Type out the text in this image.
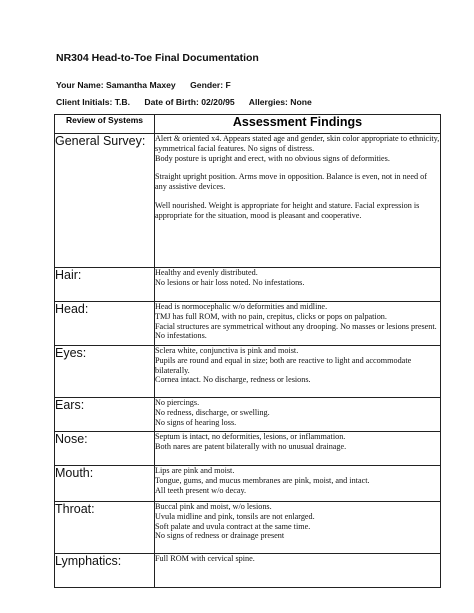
NR304 Head-to-Toe Final Documentation
Your Name: Samantha Maxey Gender: F
Client Initials: T.B. Date of Birth: 02/20/95 Allergies: None
Review of Systems	Assessment Findings
General Survey:	Alert & oriented x4. Appears stated age and gender, skin color appropriate to ethnicity, symmetrical facial features. No signs of distress.

Body posture is upright and erect, with no obvious signs of deformities.

Straight upright position. Arms move in opposition. Balance is even, not in need of any assistive devices.

Well nourished. Weight is appropriate for height and stature. Facial expression is appropriate for the situation, mood is pleasant and cooperative.

Hair:	Healthy and evenly distributed.

No lesions or hair loss noted. No infestations.

Head:	Head is normocephalic w/o deformities and midline.

TMJ has full ROM, with no pain, crepitus, clicks or pops on palpation.

Facial structures are symmetrical without any drooping. No masses or lesions present. No infestations.

Eyes:	Sclera white, conjunctiva is pink and moist.

Pupils are round and equal in size; both are reactive to light and accommodate bilaterally.

Cornea intact. No discharge, redness or lesions.

Ears:	No piercings.

No redness, discharge, or swelling.

No signs of hearing loss.

Nose:	Septum is intact, no deformities, lesions, or inflammation.

Both nares are patent bilaterally with no unusual drainage.

Mouth:	Lips are pink and moist.

Tongue, gums, and mucus membranes are pink, moist, and intact.

All teeth present w/o decay.

Throat:	Buccal pink and moist, w/o lesions.

Uvula midline and pink, tonsils are not enlarged.

Soft palate and uvula contract at the same time.

No signs of redness or drainage present

Lymphatics:	Full ROM with cervical spine.
